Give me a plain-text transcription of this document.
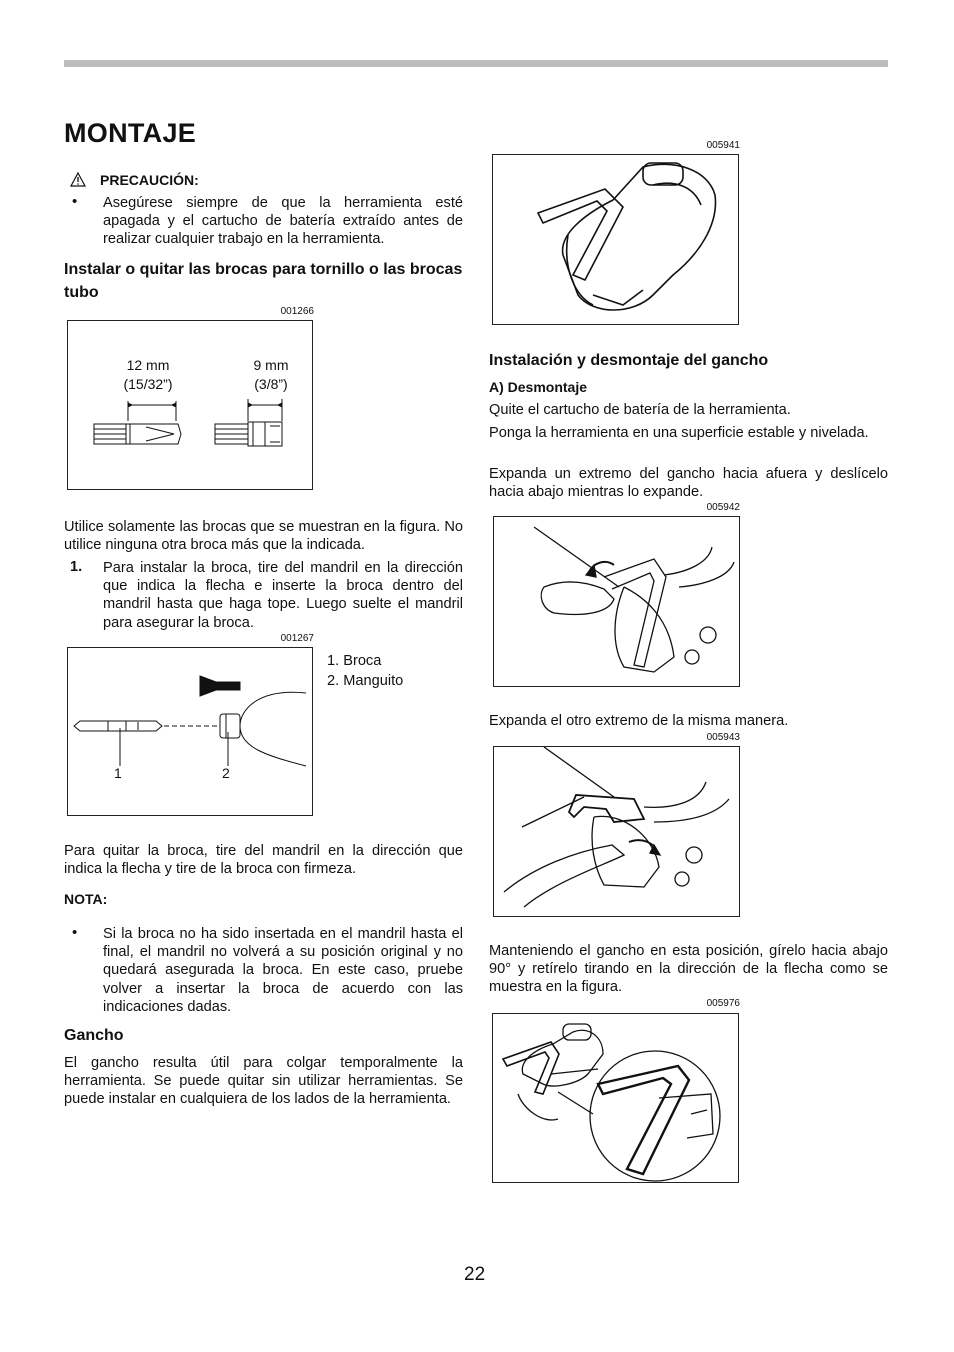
MONTAJE
PRECAUCIÓN:
• Asegúrese siempre de que la herramienta esté apagada y el cartucho de batería extraído antes de realizar cualquier trabajo en la herramienta.
Instalar o quitar las brocas para tornillo o las brocas tubo
001266
12 mm
(15/32”)
9 mm
(3/8”)
Utilice solamente las brocas que se muestran en la figura. No utilice ninguna otra broca más que la indicada.
1. Para instalar la broca, tire del mandril en la dirección que indica la flecha e inserte la broca dentro del mandril hasta que haga tope. Luego suelte el mandril para asegurar la broca.
001267
1	2
1. Broca
2. Manguito
Para quitar la broca, tire del mandril en la dirección que indica la flecha y tire de la broca con firmeza.
NOTA:
• Si la broca no ha sido insertada en el mandril hasta el final, el mandril no volverá a su posición original y no quedará asegurada la broca. En este caso, pruebe volver a insertar la broca de acuerdo con las indicaciones dadas.
Gancho
El gancho resulta útil para colgar temporalmente la herramienta. Se puede quitar sin utilizar herramientas. Se puede instalar en cualquiera de los lados de la herramienta.
005941
Instalación y desmontaje del gancho
A) Desmontaje
Quite el cartucho de batería de la herramienta.
Ponga la herramienta en una superficie estable y nivelada.
Expanda un extremo del gancho hacia afuera y deslícelo hacia abajo mientras lo expande.
005942
Expanda el otro extremo de la misma manera.
005943
Manteniendo el gancho en esta posición, gírelo hacia abajo 90° y retírelo tirando en la dirección de la flecha como se muestra en la figura.
005976
22
